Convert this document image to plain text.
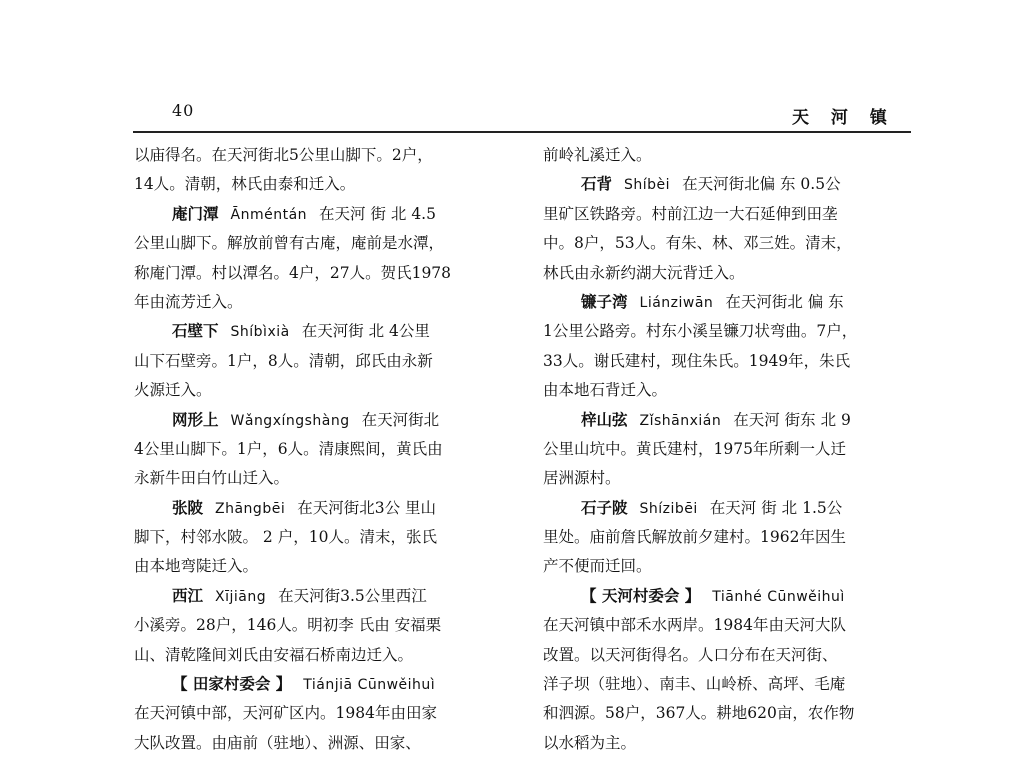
40	天 河 镇
以庙得名。在天河街北5公里山脚下。2户，
14人。清朝，林氏由泰和迁入。
庵门潭 Ānméntán 在天河 街 北 4.5
公里山脚下。解放前曾有古庵，庵前是水潭，
称庵门潭。村以潭名。4户，27人。贺氏1978
年由流芳迁入。
石壁下 Shíbìxià 在天河街 北 4公里
山下石壁旁。1户，8人。清朝，邱氏由永新
火源迁入。
网形上 Wǎngxíngshàng 在天河街北
4公里山脚下。1户，6人。清康熙间，黄氏由
永新牛田白竹山迁入。
张陂 Zhāngbēi 在天河街北3公 里山
脚下，村邻水陂。 2 户，10人。清末，张氏
由本地弯陡迁入。
西江 Xījiāng 在天河街3.5公里西江
小溪旁。28户，146人。明初李 氏由 安福栗
山、清乾隆间刘氏由安福石桥南边迁入。
【 田家村委会 】 Tiánjiā Cūnwěihuì
在天河镇中部，天河矿区内。1984年由田家
大队改置。由庙前（驻地）、洲源、田家、
前岭礼溪迁入。
石背 Shíbèi 在天河街北偏 东 0.5公
里矿区铁路旁。村前江边一大石延伸到田垄
中。8户，53人。有朱、林、邓三姓。清末，
林氏由永新约湖大沅背迁入。
镰子湾 Liánziwān 在天河街北 偏 东
1公里公路旁。村东小溪呈镰刀状弯曲。7户，
33人。谢氏建村，现住朱氏。1949年，朱氏
由本地石背迁入。
梓山弦 Zǐshānxián 在天河 街东 北 9
公里山坑中。黄氏建村，1975年所剩一人迁
居洲源村。
石子陂 Shízibēi 在天河 街 北 1.5公
里处。庙前詹氏解放前夕建村。1962年因生
产不便而迁回。
【 天河村委会 】 Tiānhé Cūnwěihuì
在天河镇中部禾水两岸。1984年由天河大队
改置。以天河街得名。人口分布在天河街、
洋子坝（驻地）、南丰、山岭桥、高坪、毛庵
和泗源。58户，367人。耕地620亩，农作物
以水稻为主。
